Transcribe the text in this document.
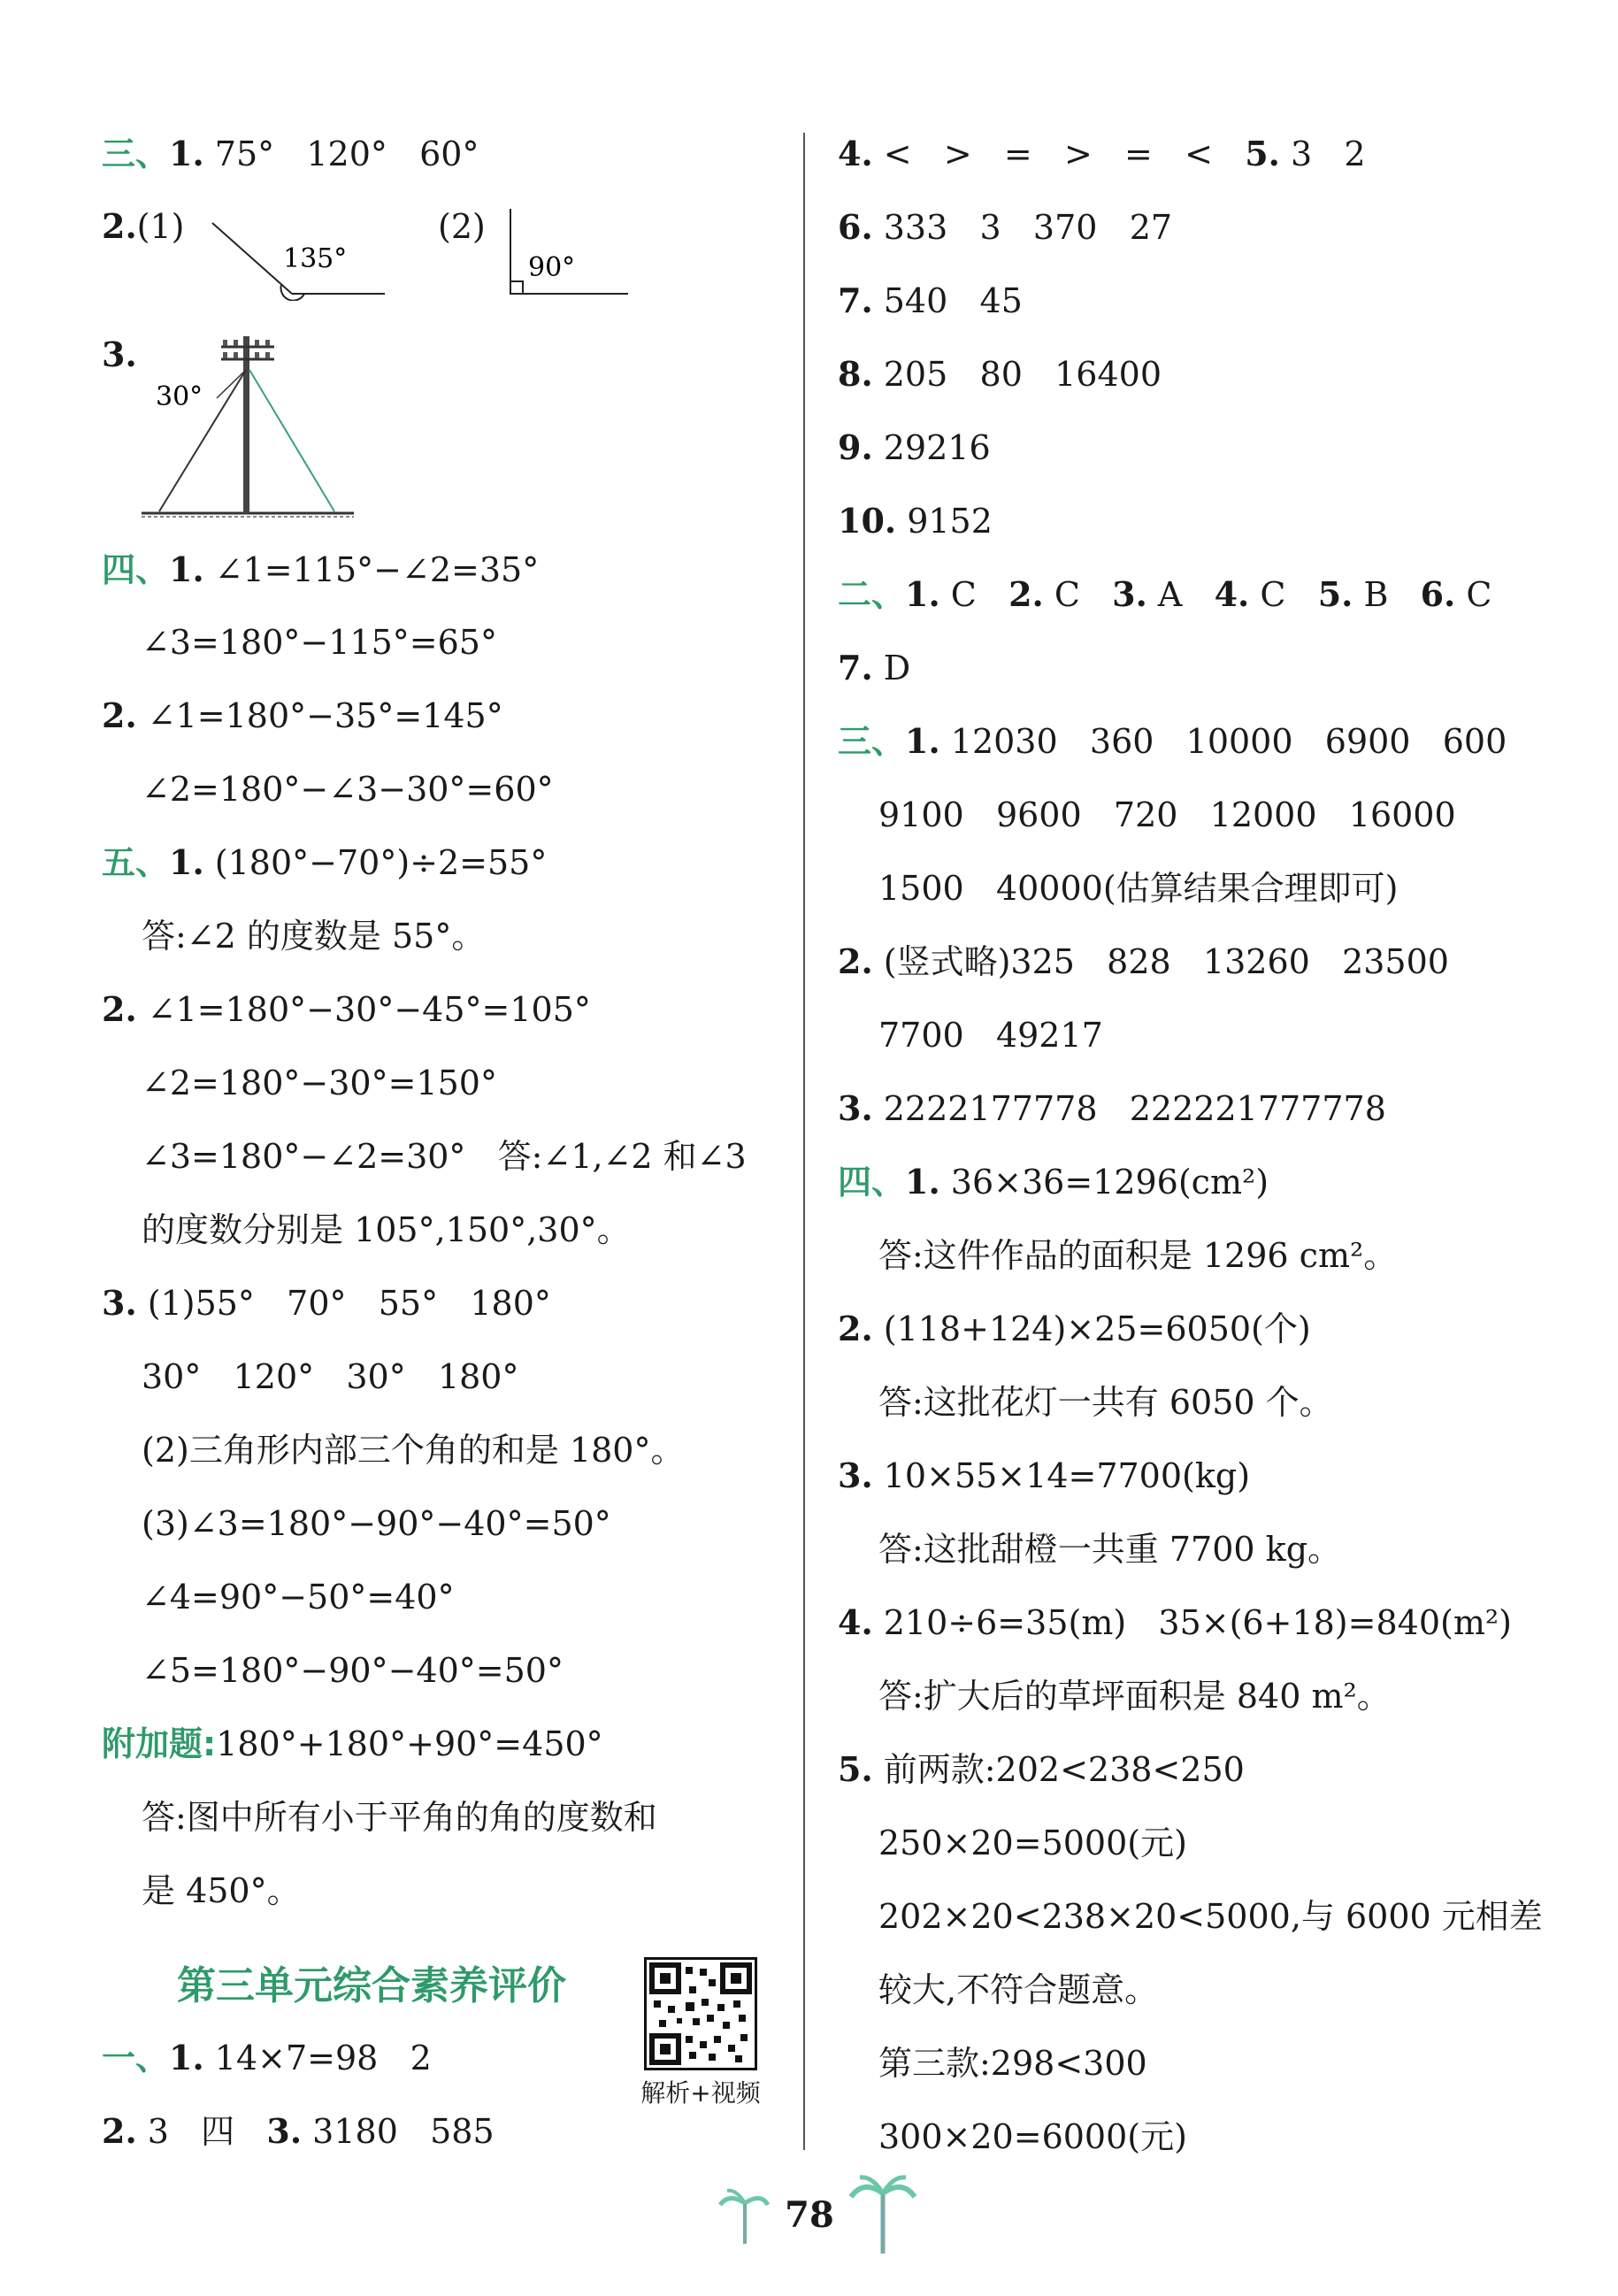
三、1. 75°   120°   60°
2.(1)
135°
(2)
90°
3.
30°
四、1. ∠1=115°−∠2=35°
∠3=180°−115°=65°
2. ∠1=180°−35°=145°
∠2=180°−∠3−30°=60°
五、1. (180°−70°)÷2=55°
答:∠2 的度数是 55°。
2. ∠1=180°−30°−45°=105°
∠2=180°−30°=150°
∠3=180°−∠2=30°   答:∠1,∠2 和∠3
的度数分别是 105°,150°,30°。
3. (1)55°   70°   55°   180°
30°   120°   30°   180°
(2)三角形内部三个角的和是 180°。
(3)∠3=180°−90°−40°=50°
∠4=90°−50°=40°
∠5=180°−90°−40°=50°
附加题:180°+180°+90°=450°
答:图中所有小于平角的角的度数和
是 450°。
第三单元综合素养评价
解析+视频
一、1. 14×7=98   2
2. 3   四   3. 3180   585
4. <   >   =   >   =   <   5. 3   2
6. 333   3   370   27
7. 540   45
8. 205   80   16400
9. 29216
10. 9152
二、1. C   2. C   3. A   4. C   5. B   6. C
7. D
三、1. 12030   360   10000   6900   600
9100   9600   720   12000   16000
1500   40000(估算结果合理即可)
2. (竖式略)325   828   13260   23500
7700   49217
3. 2222177778   222221777778
四、1. 36×36=1296(cm²)
答:这件作品的面积是 1296 cm²。
2. (118+124)×25=6050(个)
答:这批花灯一共有 6050 个。
3. 10×55×14=7700(kg)
答:这批甜橙一共重 7700 kg。
4. 210÷6=35(m)   35×(6+18)=840(m²)
答:扩大后的草坪面积是 840 m²。
5. 前两款:202<238<250
250×20=5000(元)
202×20<238×20<5000,与 6000 元相差
较大,不符合题意。
第三款:298<300
300×20=6000(元)
78
